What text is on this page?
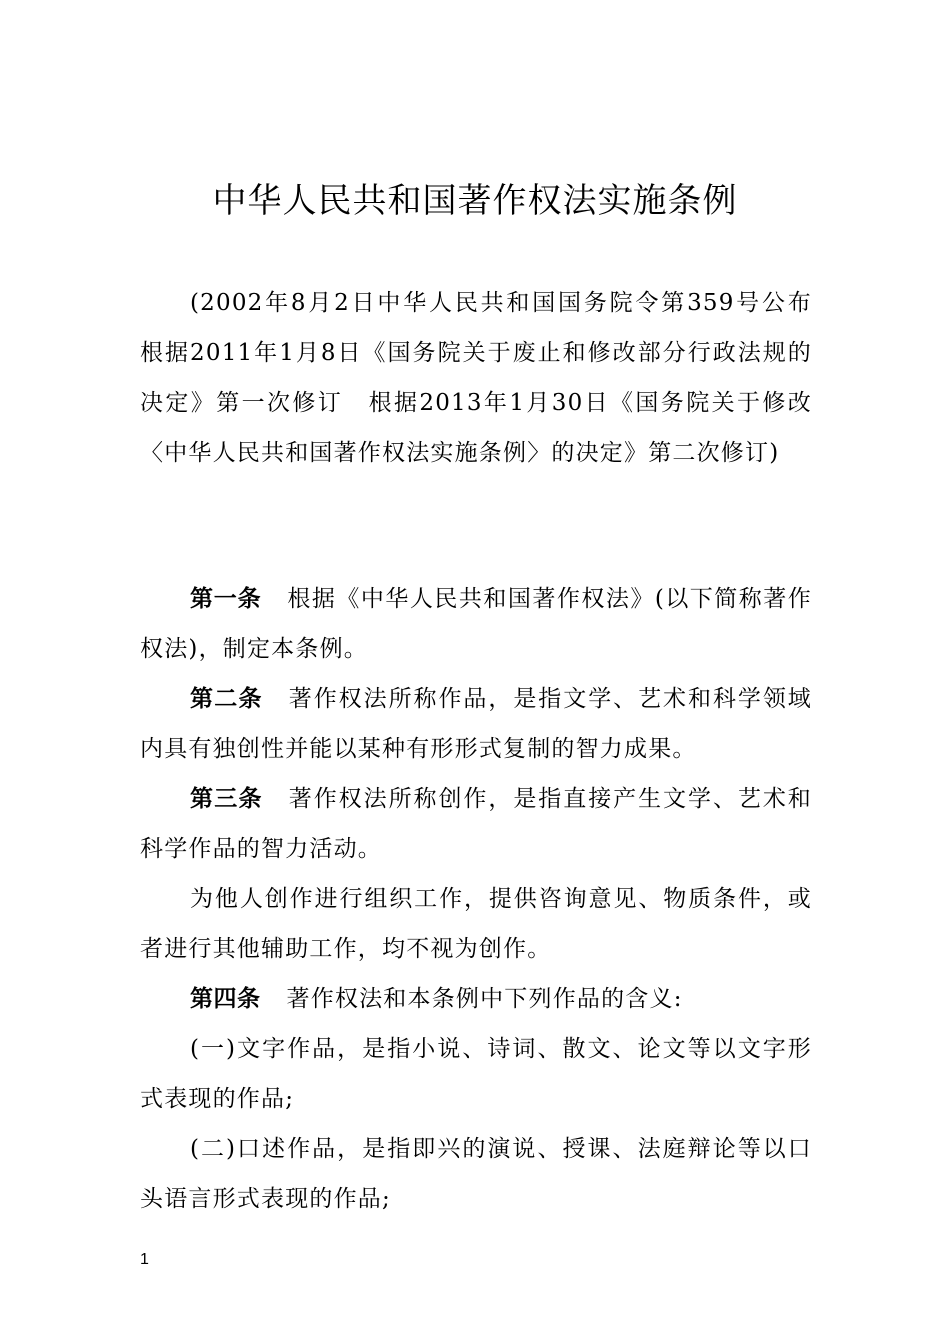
中华人民共和国著作权法实施条例

(2002年8月2日中华人民共和国国务院令第359号公布　根据2011年1月8日《国务院关于废止和修改部分行政法规的决定》第一次修订　根据2013年1月30日《国务院关于修改〈中华人民共和国著作权法实施条例〉的决定》第二次修订)

第一条 根据《中华人民共和国著作权法》(以下简称著作权法)，制定本条例。

第二条 著作权法所称作品，是指文学、艺术和科学领域内具有独创性并能以某种有形形式复制的智力成果。

第三条 著作权法所称创作，是指直接产生文学、艺术和科学作品的智力活动。

为他人创作进行组织工作，提供咨询意见、物质条件，或者进行其他辅助工作，均不视为创作。

第四条 著作权法和本条例中下列作品的含义:

(一)文字作品，是指小说、诗词、散文、论文等以文字形式表现的作品;

(二)口述作品，是指即兴的演说、授课、法庭辩论等以口头语言形式表现的作品;

1
